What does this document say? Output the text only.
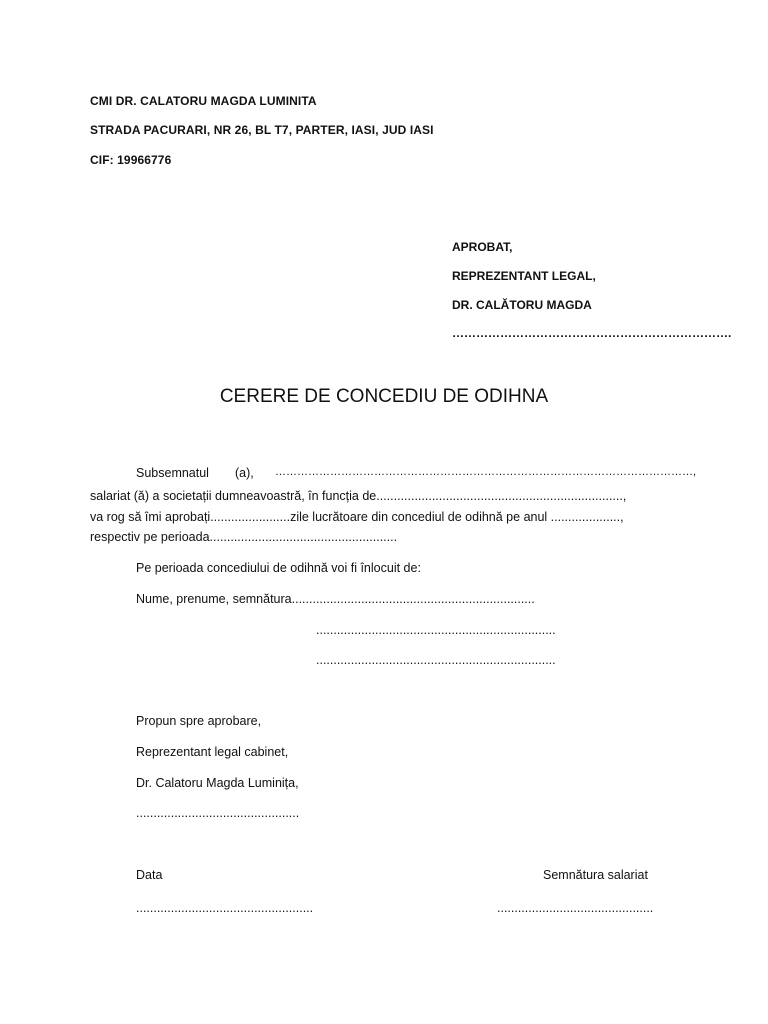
CMI DR. CALATORU MAGDA LUMINITA
STRADA PACURARI, NR 26, BL T7, PARTER, IASI, JUD IASI
CIF: 19966776
APROBAT,
REPREZENTANT LEGAL,
DR. CALĂTORU MAGDA
…………………………………………………………….
CERERE DE CONCEDIU DE ODIHNA
Subsemnatul (a), ……………………………………………………………………………………………………,
salariat (ă) a societații dumneavoastră, în funcția de.......................................................................,
va rog să îmi aprobați.......................zile lucrătoare din concediul de odihnă pe anul ....................,
respectiv pe perioada......................................................
Pe perioada concediului de odihnă voi fi înlocuit de:
Nume, prenume, semnătura......................................................................
.....................................................................
.....................................................................
Propun spre aprobare,
Reprezentant legal cabinet,
Dr. Calatoru Magda Luminița,
...............................................
Data
...................................................
Semnătura salariat
.............................................
